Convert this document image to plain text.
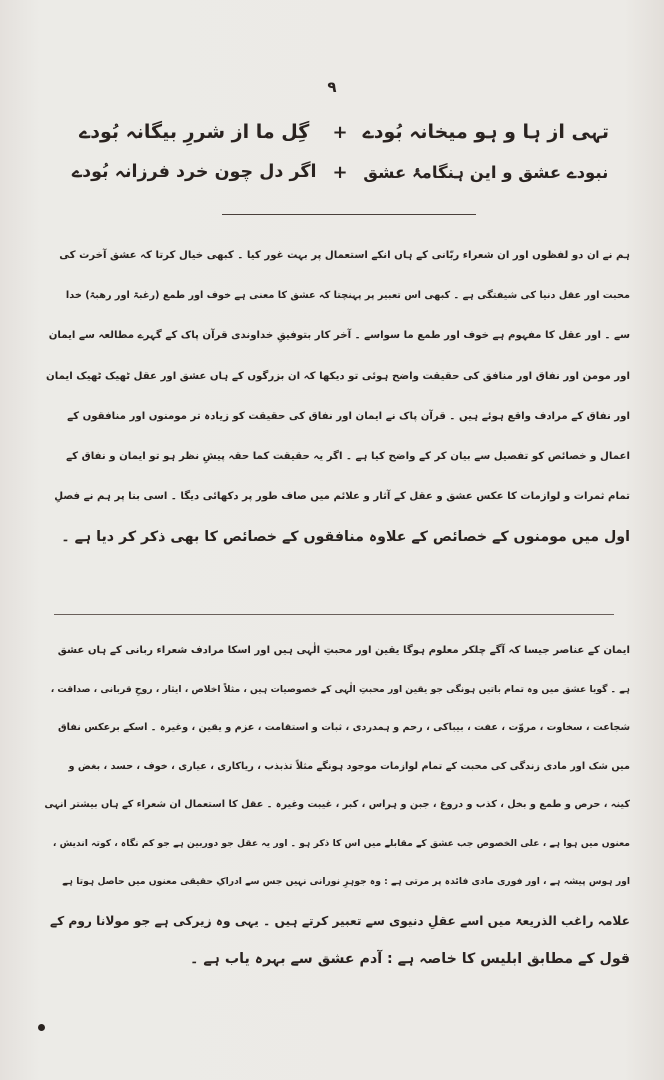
۹
تہی از ہا و ہو میخانہ بُودے
+
گِل ما از شررِ بیگانہ بُودے
نبودے عشق و این ہنگامۂ عشق
+
اگر دل چون خرد فرزانہ بُودے
ہم نے ان دو لفظوں اور ان شعراء ربّانی کے ہاں انکے استعمال پر بہت غور کیا ۔ کبھی خیال کرتا کہ عشق آخرت کی
محبت اور عقل دنیا کی شیفتگی ہے ۔ کبھی اس تعبیر پر پہنچتا کہ عشق کا معنی ہے خوف اور طمع (رغبۃ اور رھبۃ) خدا
سے ۔ اور عقل کا مفہوم ہے خوف اور طمع ما سواسے ۔ آخر کار بتوفیقِ خداوندی قرآن پاک کے گہرے مطالعہ سے ایمان
اور مومن اور نفاق اور منافق کی حقیقت واضح ہوئی تو دیکھا کہ ان بزرگوں کے ہاں عشق اور عقل ٹھیک ٹھیک ایمان
اور نفاق کے مرادف واقع ہوئے ہیں ۔ قرآن پاک نے ایمان اور نفاق کی حقیقت کو زیادہ تر مومنوں اور منافقوں کے
اعمال و خصائص کو تفصیل سے بیان کر کے واضح کیا ہے ۔ اگر یہ حقیقت کما حقہ پیشِ نظر ہو تو ایمان و نفاق کے
تمام ثمرات و لوازمات کا عکس عشق و عقل کے آثار و علائم میں صاف طور پر دکھائی دیگا ۔ اسی بنا پر ہم نے فصلِ
اول میں مومنوں کے خصائص کے علاوہ منافقوں کے خصائص کا بھی ذکر کر دیا ہے ۔
ایمان کے عناصر جیسا کہ آگے چلکر معلوم ہوگا یقین اور محبتِ الٰہی ہیں اور اسکا مرادف شعراء ربانی کے ہاں عشق
ہے ۔ گویا عشق میں وہ تمام باتیں ہونگی جو یقین اور محبتِ الٰہی کے خصوصیات ہیں ، مثلاً اخلاص ، ایثار ، روحِ قربانی ، صداقت ،
شجاعت ، سخاوت ، مروّت ، عفت ، بیباکی ، رحم و ہمدردی ، ثبات و استقامت ، عزم و یقین ، وغیرہ ۔ اسکے برعکس نفاق
میں شک اور مادی زندگی کی محبت کے تمام لوازمات موجود ہونگے مثلاً تذبذب ، ریاکاری ، عیاری ، خوف ، حسد ، بغض و
کینہ ، حرص و طمع و بخل ، کذب و دروغ ، جبن و ہراس ، کبر ، غیبت وغیرہ ۔ عقل کا استعمال ان شعراء کے ہاں بیشتر انہی
معنوں میں ہوا ہے ، علی الخصوص جب عشق کے مقابلے میں اس کا ذکر ہو ۔ اور یہ عقل جو دوربین ہے جو کم نگاہ ، کوتہ اندیش ،
اور ہوس پیشہ ہے ، اور فوری مادی فائدہ پر مرتی ہے : وہ جوہرِ نورانی نہیں جس سے ادراکِ حقیقی معنوں میں حاصل ہوتا ہے
علامہ راغب الذریعۃ میں اسے عقلِ دنیوی سے تعبیر کرتے ہیں ۔ یہی وہ زیرکی ہے جو مولانا روم کے
قول کے مطابق ابلیس کا خاصہ ہے : آدم عشق سے بہرہ یاب ہے ۔
